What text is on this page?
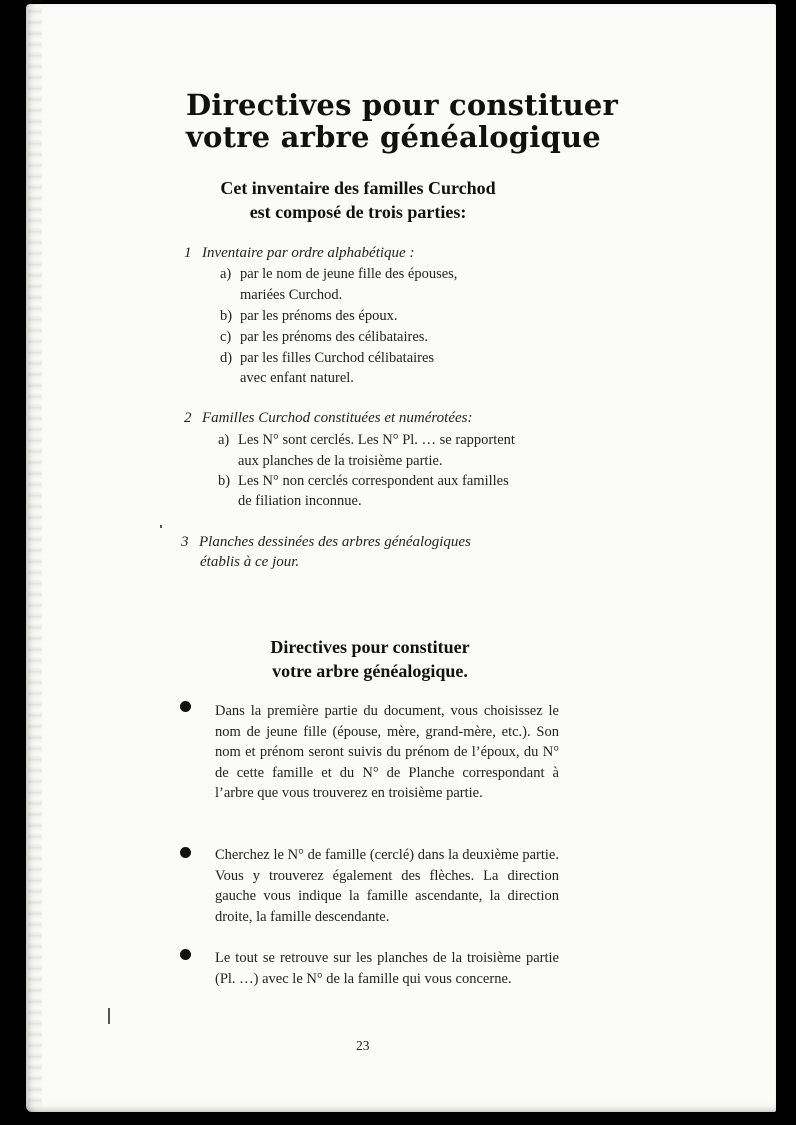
Directives pour constituer
votre arbre généalogique
Cet inventaire des familles Curchod
est composé de trois parties:
1 Inventaire par ordre alphabétique :
a) par le nom de jeune fille des épouses,
mariées Curchod.
b) par les prénoms des époux.
c) par les prénoms des célibataires.
d) par les filles Curchod célibataires
avec enfant naturel.
2 Familles Curchod constituées et numérotées:
a) Les N° sont cerclés. Les N° Pl. … se rapportent
aux planches de la troisième partie.
b) Les N° non cerclés correspondent aux familles
de filiation inconnue.
3 Planches dessinées des arbres généalogiques
établis à ce jour.
Directives pour constituer
votre arbre généalogique.
Dans la première partie du document, vous choisissez le nom de jeune fille (épouse, mère, grand-mère, etc.). Son nom et prénom seront suivis du prénom de l’époux, du N° de cette famille et du N° de Planche correspondant à l’arbre que vous trouverez en troisième partie.
Cherchez le N° de famille (cerclé) dans la deuxième partie. Vous y trouverez également des flèches. La direction gauche vous indique la famille ascendante, la direction droite, la famille descendante.
Le tout se retrouve sur les planches de la troisième partie (Pl. …) avec le N° de la famille qui vous concerne.
23
